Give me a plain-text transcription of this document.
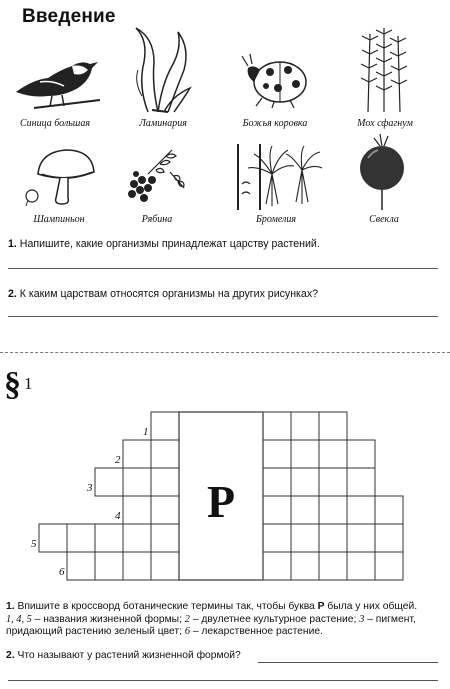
Введение
Синица большая	Ламинария	Божья коровка	Мох сфагнум
Шампиньон	Рябина	Бромелия	Свекла
1. Напишите, какие организмы принадлежат царству растений.
2. К каким царствам относятся организмы на других рисунках?
§ 1
Р
1
2
3
4
5
6
1. Впишите в кроссворд ботанические термины так, чтобы буква Р была у них общей.
1, 4, 5 – названия жизненной формы; 2 – двулетнее культурное растение; 3 – пигмент,
придающий растению зеленый цвет; 6 – лекарственное растение.
2. Что называют у растений жизненной формой?
